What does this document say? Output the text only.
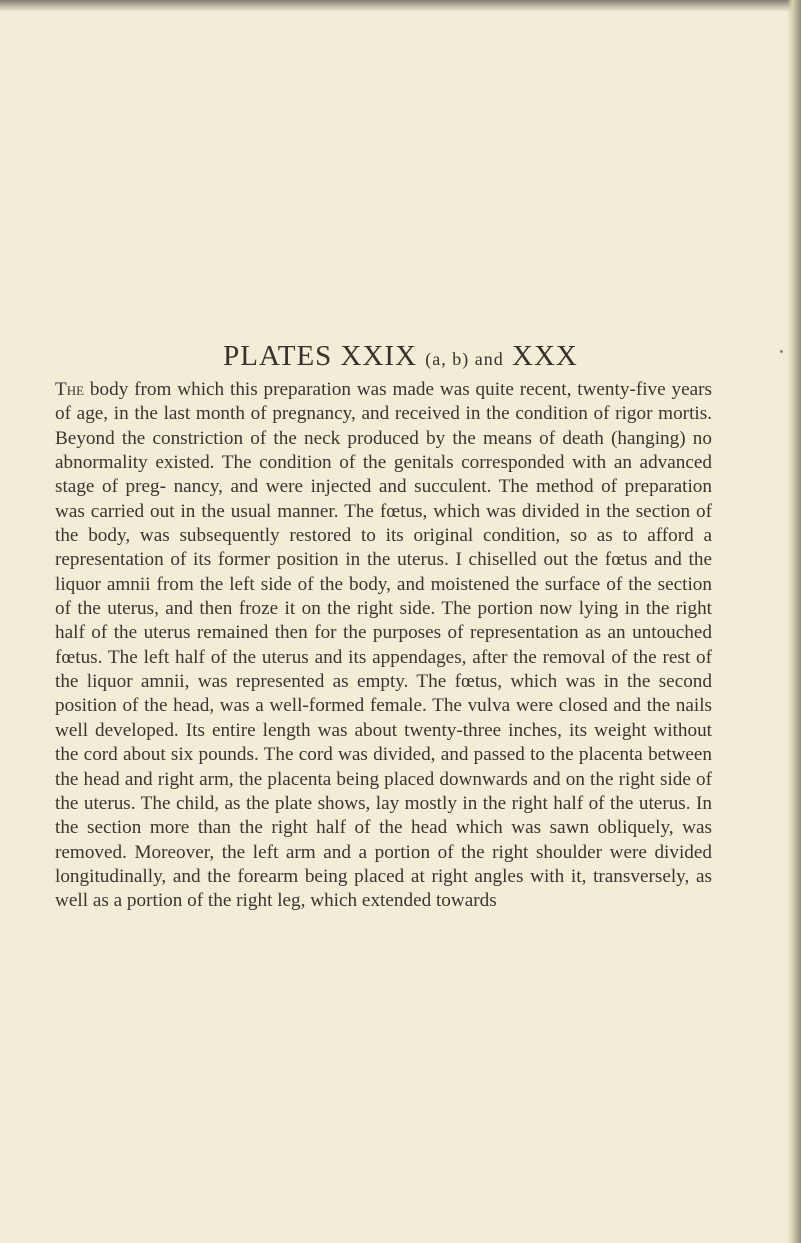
PLATES XXIX (a, b) and XXX

The body from which this preparation was made was quite recent, twenty-five years of age, in the last month of pregnancy, and received in the condition of rigor mortis. Beyond the constriction of the neck produced by the means of death (hanging) no abnormality existed. The condition of the genitals corresponded with an advanced stage of preg- nancy, and were injected and succulent. The method of preparation was carried out in the usual manner. The fœtus, which was divided in the section of the body, was subsequently restored to its original condition, so as to afford a representation of its former position in the uterus. I chiselled out the fœtus and the liquor amnii from the left side of the body, and moistened the surface of the section of the uterus, and then froze it on the right side. The portion now lying in the right half of the uterus remained then for the purposes of representation as an untouched fœtus. The left half of the uterus and its appendages, after the removal of the rest of the liquor amnii, was represented as empty. The fœtus, which was in the second position of the head, was a well-formed female. The vulva were closed and the nails well developed. Its entire length was about twenty-three inches, its weight without the cord about six pounds. The cord was divided, and passed to the placenta between the head and right arm, the placenta being placed downwards and on the right side of the uterus. The child, as the plate shows, lay mostly in the right half of the uterus. In the section more than the right half of the head which was sawn obliquely, was removed. Moreover, the left arm and a portion of the right shoulder were divided longitudinally, and the forearm being placed at right angles with it, transversely, as well as a portion of the right leg, which extended towards
